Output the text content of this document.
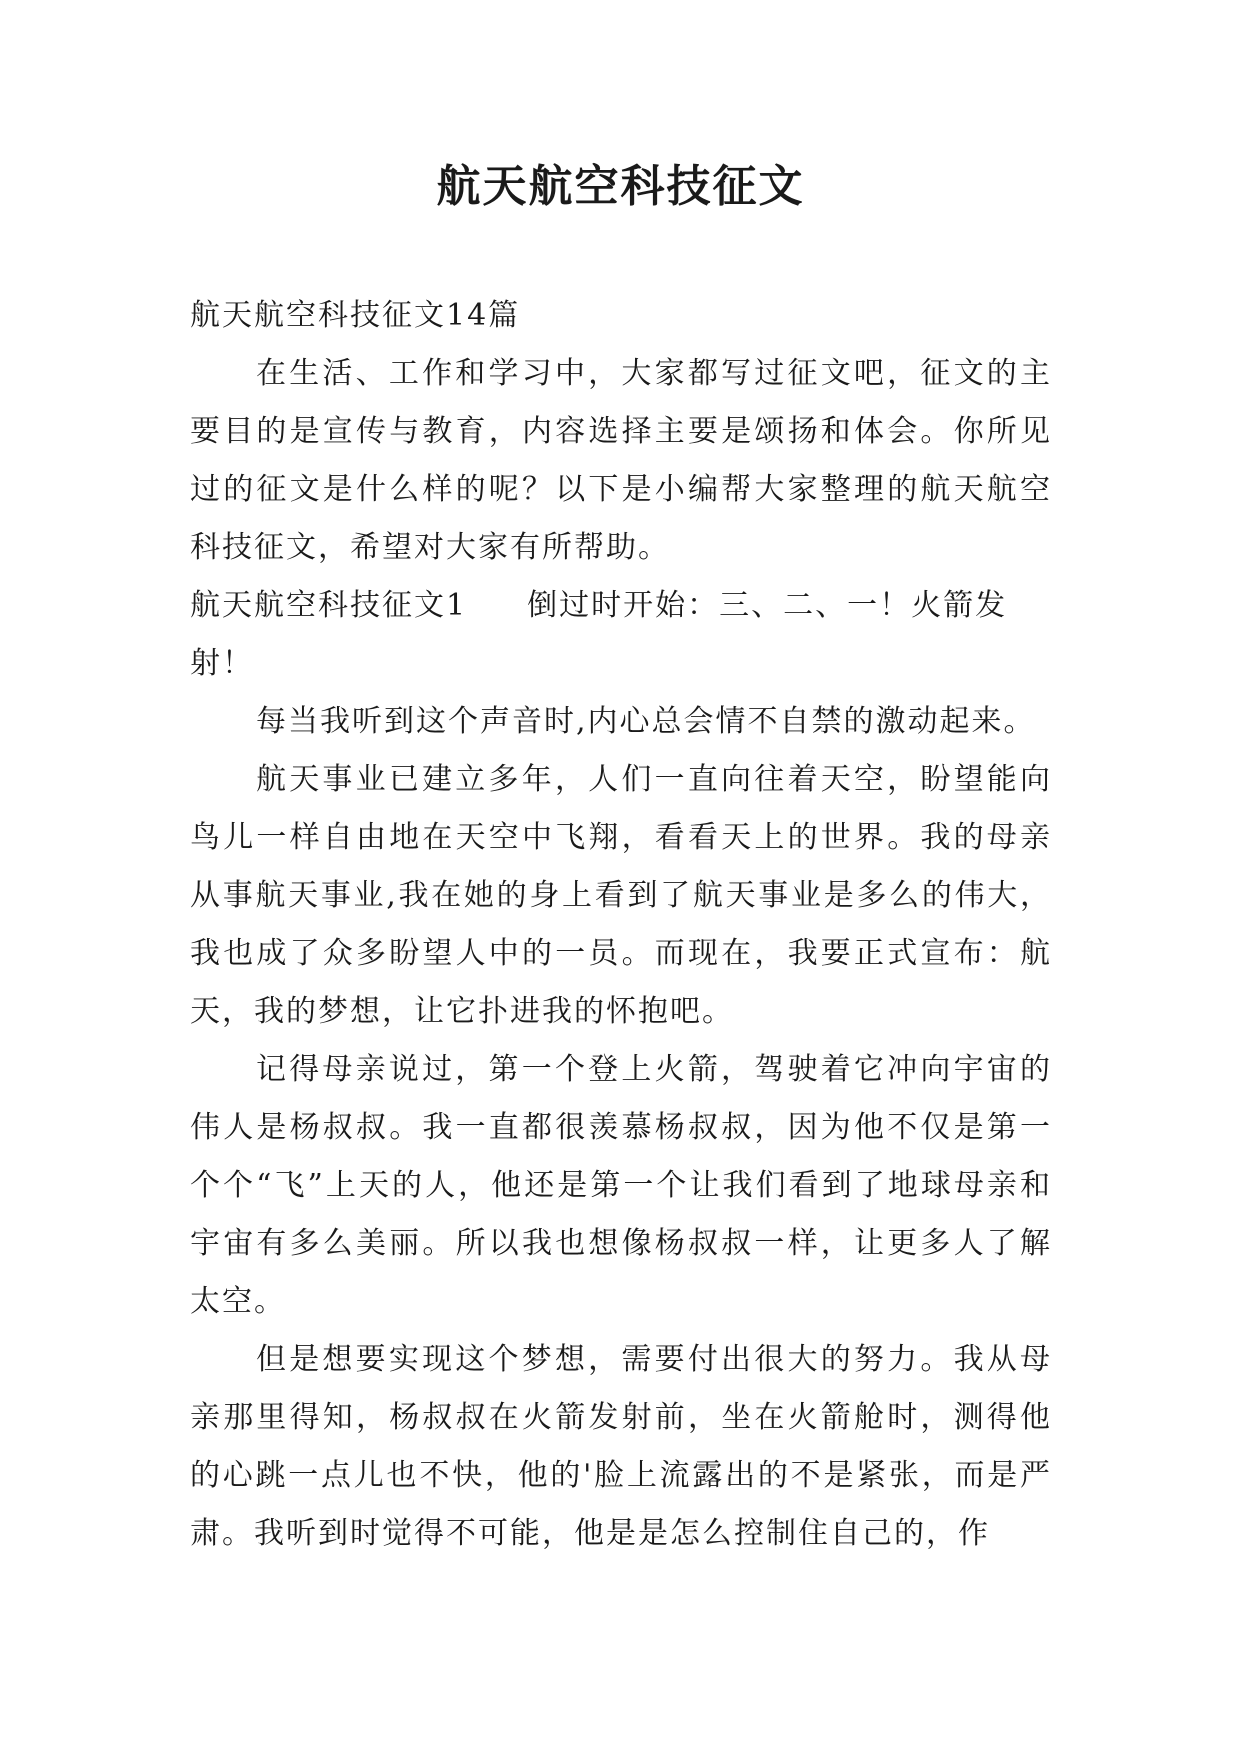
航天航空科技征文

航天航空科技征文14篇

在生活、工作和学习中，大家都写过征文吧，征文的主要目的是宣传与教育，内容选择主要是颂扬和体会。你所见过的征文是什么样的呢？以下是小编帮大家整理的航天航空科技征文，希望对大家有所帮助。

航天航空科技征文1 倒过时开始：三、二、一！火箭发射！

每当我听到这个声音时,内心总会情不自禁的激动起来。

航天事业已建立多年，人们一直向往着天空，盼望能向鸟儿一样自由地在天空中飞翔，看看天上的世界。我的母亲从事航天事业,我在她的身上看到了航天事业是多么的伟大，我也成了众多盼望人中的一员。而现在，我要正式宣布：航天，我的梦想，让它扑进我的怀抱吧。

记得母亲说过，第一个登上火箭，驾驶着它冲向宇宙的伟人是杨叔叔。我一直都很羡慕杨叔叔，因为他不仅是第一个个“飞”上天的人，他还是第一个让我们看到了地球母亲和宇宙有多么美丽。所以我也想像杨叔叔一样，让更多人了解太空。

但是想要实现这个梦想，需要付出很大的努力。我从母亲那里得知，杨叔叔在火箭发射前，坐在火箭舱时，测得他的心跳一点儿也不快，他的'脸上流露出的不是紧张，而是严肃。我听到时觉得不可能，他是是怎么控制住自己的，作
